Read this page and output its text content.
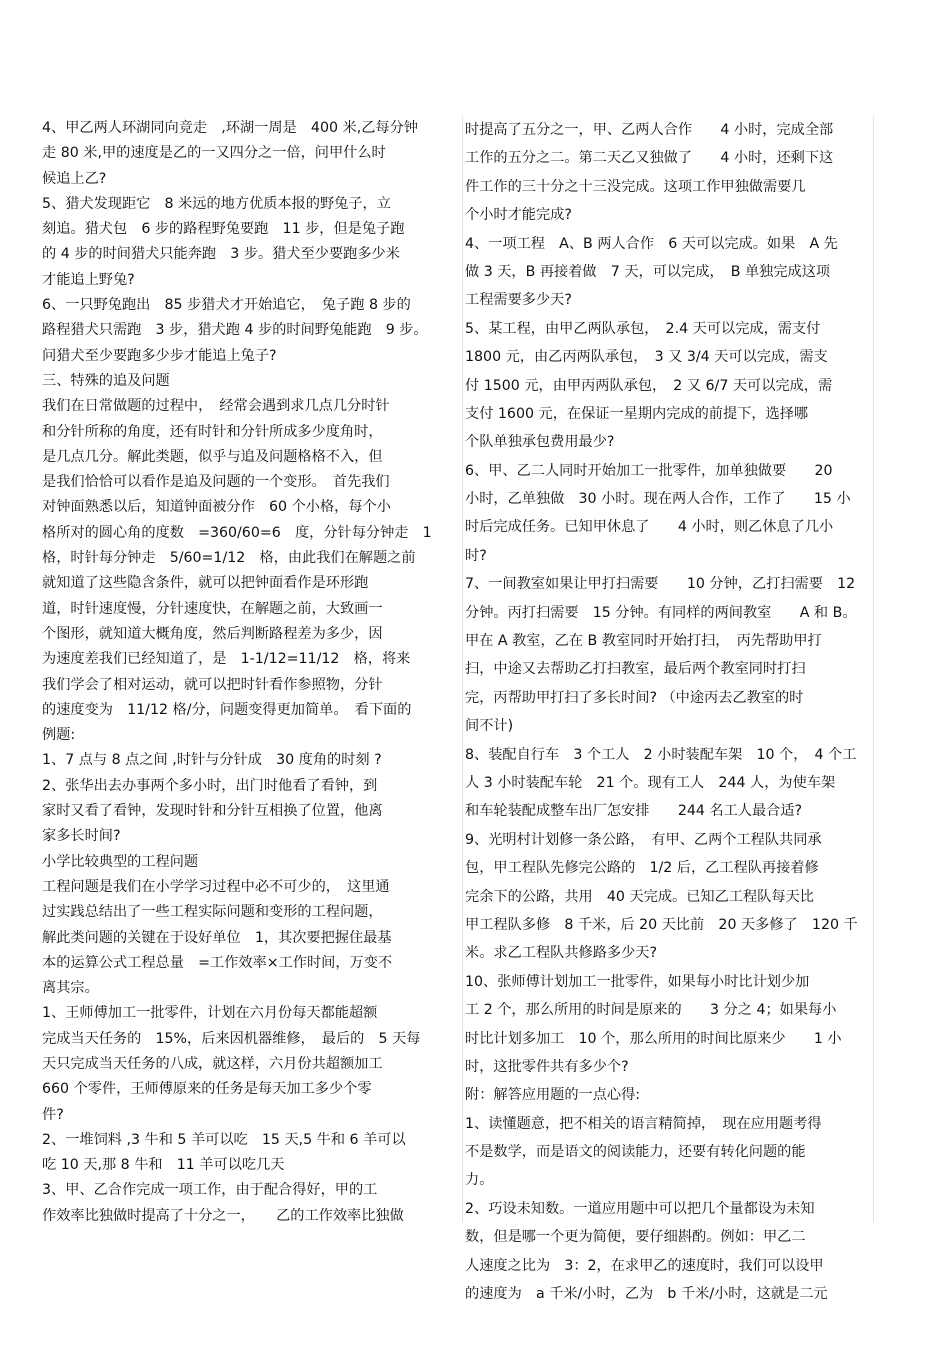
4、甲乙两人环湖同向竞走　,环湖一周是　400 米,乙每分钟
走 80 米,甲的速度是乙的一又四分之一倍，问甲什么时
候追上乙?
5、猎犬发现距它　8 米远的地方优质本报的野兔子，立
刻追。猎犬包　6 步的路程野兔要跑　11 步，但是兔子跑
的 4 步的时间猎犬只能奔跑　3 步。猎犬至少要跑多少米
才能追上野兔?
6、一只野兔跑出　85 步猎犬才开始追它，　兔子跑 8 步的
路程猎犬只需跑　3 步，猎犬跑 4 步的时间野兔能跑　9 步。
问猎犬至少要跑多少步才能追上兔子?
三、特殊的追及问题
我们在日常做题的过程中，　经常会遇到求几点几分时针
和分针所称的角度，还有时针和分针所成多少度角时，
是几点几分。解此类题，似乎与追及问题格格不入，但
是我们恰恰可以看作是追及问题的一个变形。　首先我们
对钟面熟悉以后，知道钟面被分作　60 个小格，每个小
格所对的圆心角的度数　=360/60=6　度，分针每分钟走　1
格，时针每分钟走　5/60=1/12　格，由此我们在解题之前
就知道了这些隐含条件，就可以把钟面看作是环形跑
道，时针速度慢，分针速度快，在解题之前，大致画一
个图形，就知道大概角度，然后判断路程差为多少，因
为速度差我们已经知道了，是　1-1/12=11/12　格，将来
我们学会了相对运动，就可以把时针看作参照物，分针
的速度变为　11/12 格/分，问题变得更加简单。　看下面的
例题:
1、7 点与 8 点之间 ,时针与分针成　30 度角的时刻 ?
2、张华出去办事两个多小时，出门时他看了看钟，到
家时又看了看钟，发现时针和分针互相换了位置，他离
家多长时间?
小学比较典型的工程问题
工程问题是我们在小学学习过程中必不可少的，　这里通
过实践总结出了一些工程实际问题和变形的工程问题，
解此类问题的关键在于设好单位　1，其次要把握住最基
本的运算公式工程总量　=工作效率×工作时间，万变不
离其宗。
1、王师傅加工一批零件，计划在六月份每天都能超额
完成当天任务的　15%，后来因机器维修，　最后的　5 天每
天只完成当天任务的八成，就这样，六月份共超额加工
660 个零件，王师傅原来的任务是每天加工多少个零
件?
2、一堆饲料 ,3 牛和 5 羊可以吃　15 天,5 牛和 6 羊可以
吃 10 天,那 8 牛和　11 羊可以吃几天
3、甲、乙合作完成一项工作，由于配合得好，甲的工
作效率比独做时提高了十分之一，　　乙的工作效率比独做
时提高了五分之一，甲、乙两人合作　　4 小时，完成全部
工作的五分之二。第二天乙又独做了　　4 小时，还剩下这
件工作的三十分之十三没完成。这项工作甲独做需要几
个小时才能完成?
4、一项工程　A、B 两人合作　6 天可以完成。如果　A 先
做 3 天，B 再接着做　7 天，可以完成，　B 单独完成这项
工程需要多少天?
5、某工程，由甲乙两队承包，　2.4 天可以完成，需支付
1800 元，由乙丙两队承包，　3 又 3/4 天可以完成，需支
付 1500 元，由甲丙两队承包，　2 又 6/7 天可以完成，需
支付 1600 元，在保证一星期内完成的前提下，选择哪
个队单独承包费用最少?
6、甲、乙二人同时开始加工一批零件，加单独做要　　20
小时，乙单独做　30 小时。现在两人合作，工作了　　15 小
时后完成任务。已知甲休息了　　4 小时，则乙休息了几小
时?
7、一间教室如果让甲打扫需要　　10 分钟，乙打扫需要　12
分钟。丙打扫需要　15 分钟。有同样的两间教室　　A 和 B。
甲在 A 教室，乙在 B 教室同时开始打扫，　丙先帮助甲打
扫，中途又去帮助乙打扫教室，最后两个教室同时打扫
完，丙帮助甲打扫了多长时间? （中途丙去乙教室的时
间不计)
8、装配自行车　3 个工人　2 小时装配车架　10 个，　4 个工
人 3 小时装配车轮　21 个。现有工人　244 人，为使车架
和车轮装配成整车出厂怎安排　　244 名工人最合适?
9、光明村计划修一条公路，　有甲、乙两个工程队共同承
包，甲工程队先修完公路的　1/2 后，乙工程队再接着修
完余下的公路，共用　40 天完成。已知乙工程队每天比
甲工程队多修　8 千米，后 20 天比前　20 天多修了　120 千
米。求乙工程队共修路多少天?
10、张师傅计划加工一批零件，如果每小时比计划少加
工 2 个，那么所用的时间是原来的　　3 分之 4；如果每小
时比计划多加工　10 个，那么所用的时间比原来少　　1 小
时，这批零件共有多少个?
附：解答应用题的一点心得:
1、读懂题意，把不相关的语言精简掉，　现在应用题考得
不是数学，而是语文的阅读能力，还要有转化问题的能
力。
2、巧设未知数。一道应用题中可以把几个量都设为未知
数，但是哪一个更为简便，要仔细斟酌。例如：甲乙二
人速度之比为　3：2，在求甲乙的速度时，我们可以设甲
的速度为　a 千米/小时，乙为　b 千米/小时，这就是二元
